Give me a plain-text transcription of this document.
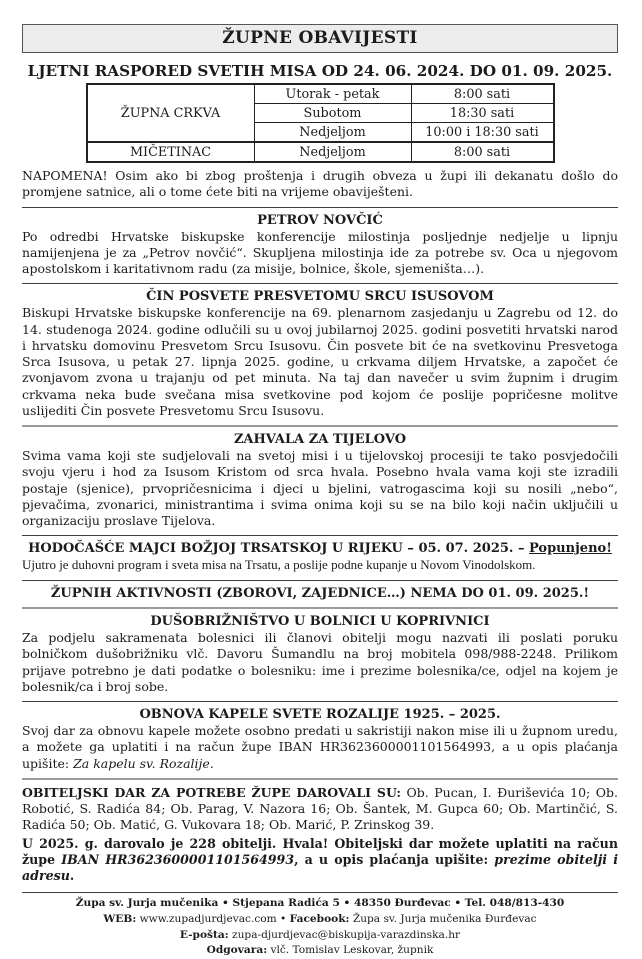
ŽUPNE OBAVIJESTI
LJETNI RASPORED SVETIH MISA OD 24. 06. 2024. DO 01. 09. 2025.
ŽUPNA CRKVA	Utorak - petak	8:00 sati
	Subotom	18:30 sati
	Nedjeljom	10:00 i 18:30 sati
MIČETINAC	Nedjeljom	8:00 sati

NAPOMENA! Osim ako bi zbog proštenja i drugih obveza u župi ili dekanatu došlo do promjene satnice, ali o tome ćete biti na vrijeme obaviješteni.

PETROV NOVČIĆ

Po odredbi Hrvatske biskupske konferencije milostinja posljednje nedjelje u lipnju namijenjena je za „Petrov novčić“. Skupljena milostinja ide za potrebe sv. Oca u njegovom apostolskom i karitativnom radu (za misije, bolnice, škole, sjemeništa…).

ČIN POSVETE PRESVETOMU SRCU ISUSOVOM

Biskupi Hrvatske biskupske konferencije na 69. plenarnom zasjedanju u Zagrebu od 12. do 14. studenoga 2024. godine odlučili su u ovoj jubilarnoj 2025. godini posvetiti hrvatski narod i hrvatsku domovinu Presvetom Srcu Isusovu. Čin posvete bit će na svetkovinu Presvetoga Srca Isusova, u petak 27. lipnja 2025. godine, u crkvama diljem Hrvatske, a započet će zvonjavom zvona u trajanju od pet minuta. Na taj dan navečer u svim župnim i drugim crkvama neka bude svečana misa svetkovine pod kojom će poslije popričesne molitve uslijediti Čin posvete Presvetomu Srcu Isusovu.

ZAHVALA ZA TIJELOVO

Svima vama koji ste sudjelovali na svetoj misi i u tijelovskoj procesiji te tako posvjedočili svoju vjeru i hod za Isusom Kristom od srca hvala. Posebno hvala vama koji ste izradili postaje (sjenice), prvopričesnicima i djeci u bjelini, vatrogascima koji su nosili „nebo“, pjevačima, zvonarici, ministrantima i svima onima koji su se na bilo koji način uključili u organizaciju proslave Tijelova.

HODOČAŠĆE MAJCI BOŽJOJ TRSATSKOJ U RIJEKU – 05. 07. 2025. – Popunjeno!

Ujutro je duhovni program i sveta misa na Trsatu, a poslije podne kupanje u Novom Vinodolskom.

ŽUPNIH AKTIVNOSTI (ZBOROVI, ZAJEDNICE…) NEMA DO 01. 09. 2025.!
DUŠOBRIŽNIŠTVO U BOLNICI U KOPRIVNICI

Za podjelu sakramenata bolesnici ili članovi obitelji mogu nazvati ili poslati poruku bolničkom dušobrižniku vlč. Davoru Šumandlu na broj mobitela 098/988-2248. Prilikom prijave potrebno je dati podatke o bolesniku: ime i prezime bolesnika/ce, odjel na kojem je bolesnik/ca i broj sobe.

OBNOVA KAPELE SVETE ROZALIJE 1925. – 2025.

Svoj dar za obnovu kapele možete osobno predati u sakristiji nakon mise ili u župnom uredu, a možete ga uplatiti i na račun župe IBAN HR3623600001101564993, a u opis plaćanja upišite: Za kapelu sv. Rozalije.

OBITELJSKI DAR ZA POTREBE ŽUPE DAROVALI SU: Ob. Pucan, I. Đuriševića 10; Ob. Robotić, S. Radića 84; Ob. Parag, V. Nazora 16; Ob. Šantek, M. Gupca 60; Ob. Martinčić, S. Radića 50; Ob. Matić, G. Vukovara 18; Ob. Marić, P. Zrinskog 39.

U 2025. g. darovalo je 228 obitelji. Hvala! Obiteljski dar možete uplatiti na račun župe IBAN HR3623600001101564993, a u opis plaćanja upišite: prezime obitelji i adresu.

Župa sv. Jurja mučenika • Stjepana Radića 5 • 48350 Đurđevac • Tel. 048/813-430
WEB: www.zupadjurdjevac.com • Facebook: Župa sv. Jurja mučenika Đurđevac
E-pošta: zupa-djurdjevac@biskupija-varazdinska.hr
Odgovara: vlč. Tomislav Leskovar, župnik
